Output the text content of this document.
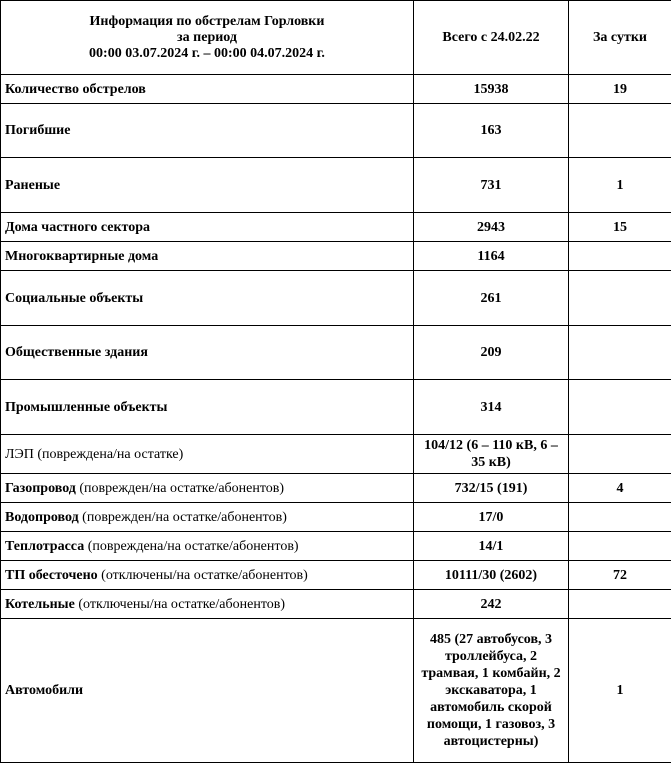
Информация по обстрелам Горловки
за период
00:00 03.07.2024 г. – 00:00 04.07.2024 г.	Всего с 24.02.22	За сутки
Количество обстрелов	15938	19
Погибшие	163	
Раненые	731	1
Дома частного сектора	2943	15
Многоквартирные дома	1164	
Социальные объекты	261	
Общественные здания	209	
Промышленные объекты	314	
ЛЭП (повреждена/на остатке)	104/12 (6 – 110 кВ, 6 – 35 кВ)	
Газопровод (поврежден/на остатке/абонентов)	732/15 (191)	4
Водопровод (поврежден/на остатке/абонентов)	17/0	
Теплотрасса (повреждена/на остатке/абонентов)	14/1	
ТП обесточено (отключены/на остатке/абонентов)	10111/30 (2602)	72
Котельные (отключены/на остатке/абонентов)	242	
Автомобили	485 (27 автобусов, 3 троллейбуса, 2 трамвая, 1 комбайн, 2 экскаватора, 1 автомобиль скорой помощи, 1 газовоз, 3 автоцистерны)	1
